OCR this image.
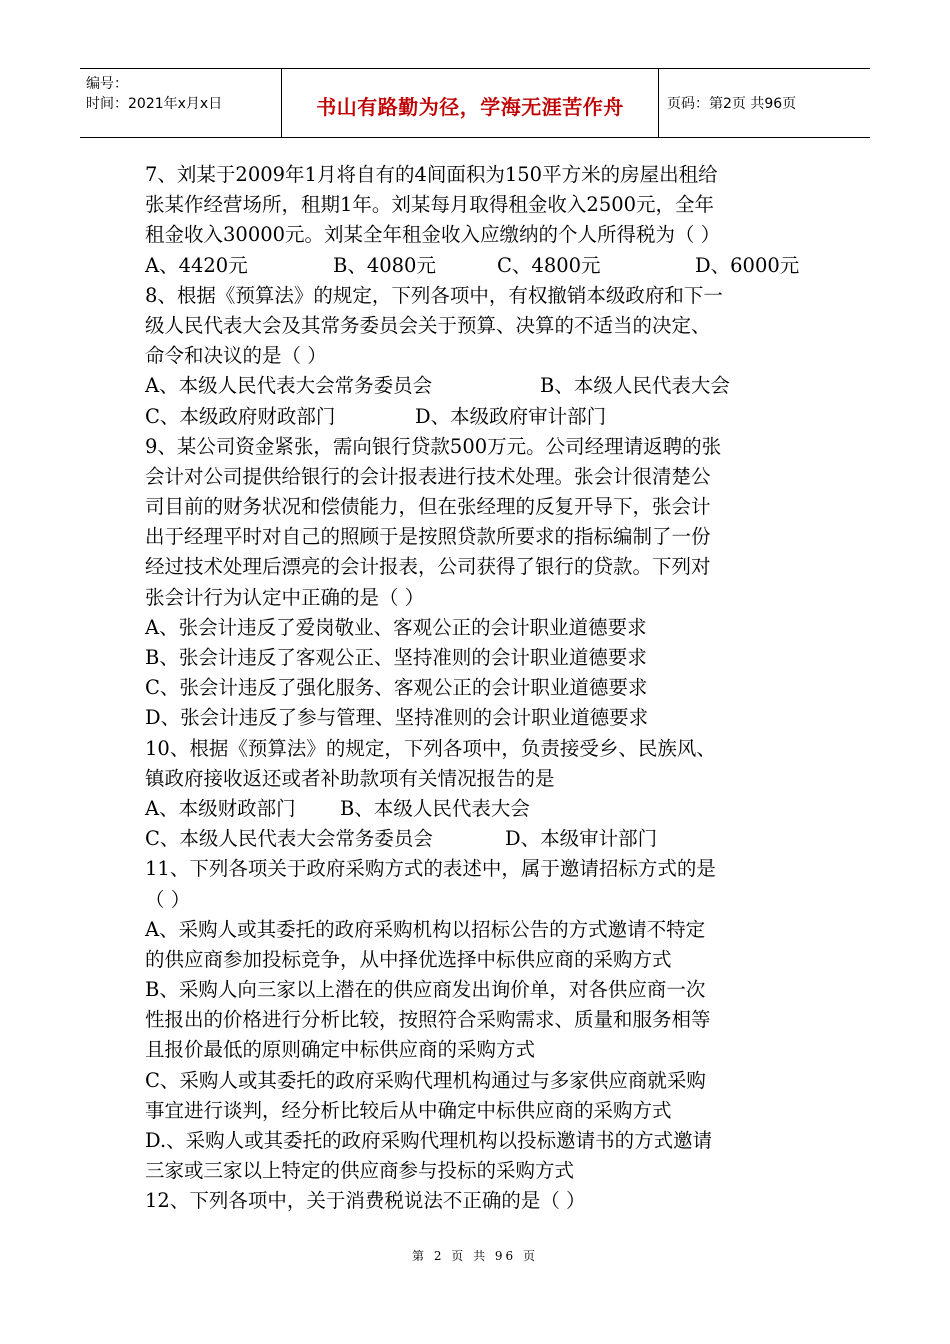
编号：
时间：2021年x月x日	书山有路勤为径，学海无涯苦作舟	页码：第2页 共96页
7、刘某于2009年1月将自有的4间面积为150平方米的房屋出租给
张某作经营场所，租期1年。刘某每月取得租金收入2500元，全年
租金收入30000元。刘某全年租金收入应缴纳的个人所得税为（ ）
A、4420元	B、4080元	C、4800元	D、6000元
8、根据《预算法》的规定，下列各项中，有权撤销本级政府和下一
级人民代表大会及其常务委员会关于预算、决算的不适当的决定、
命令和决议的是（ ）
A、本级人民代表大会常务委员会	B、本级人民代表大会
C、本级政府财政部门	D、本级政府审计部门
9、某公司资金紧张，需向银行贷款500万元。公司经理请返聘的张
会计对公司提供给银行的会计报表进行技术处理。张会计很清楚公
司目前的财务状况和偿债能力，但在张经理的反复开导下，张会计
出于经理平时对自己的照顾于是按照贷款所要求的指标编制了一份
经过技术处理后漂亮的会计报表，公司获得了银行的贷款。下列对
张会计行为认定中正确的是（ ）
A、张会计违反了爱岗敬业、客观公正的会计职业道德要求
B、张会计违反了客观公正、坚持准则的会计职业道德要求
C、张会计违反了强化服务、客观公正的会计职业道德要求
D、张会计违反了参与管理、坚持准则的会计职业道德要求
10、根据《预算法》的规定，下列各项中，负责接受乡、民族风、
镇政府接收返还或者补助款项有关情况报告的是
A、本级财政部门 B、本级人民代表大会
C、本级人民代表大会常务委员会	D、本级审计部门
11、下列各项关于政府采购方式的表述中，属于邀请招标方式的是
（ ）
A、采购人或其委托的政府采购机构以招标公告的方式邀请不特定
的供应商参加投标竞争，从中择优选择中标供应商的采购方式
B、采购人向三家以上潜在的供应商发出询价单，对各供应商一次
性报出的价格进行分析比较，按照符合采购需求、质量和服务相等
且报价最低的原则确定中标供应商的采购方式
C、采购人或其委托的政府采购代理机构通过与多家供应商就采购
事宜进行谈判，经分析比较后从中确定中标供应商的采购方式
D.、采购人或其委托的政府采购代理机构以投标邀请书的方式邀请
三家或三家以上特定的供应商参与投标的采购方式
12、下列各项中，关于消费税说法不正确的是（ ）
第 2 页 共 96 页
